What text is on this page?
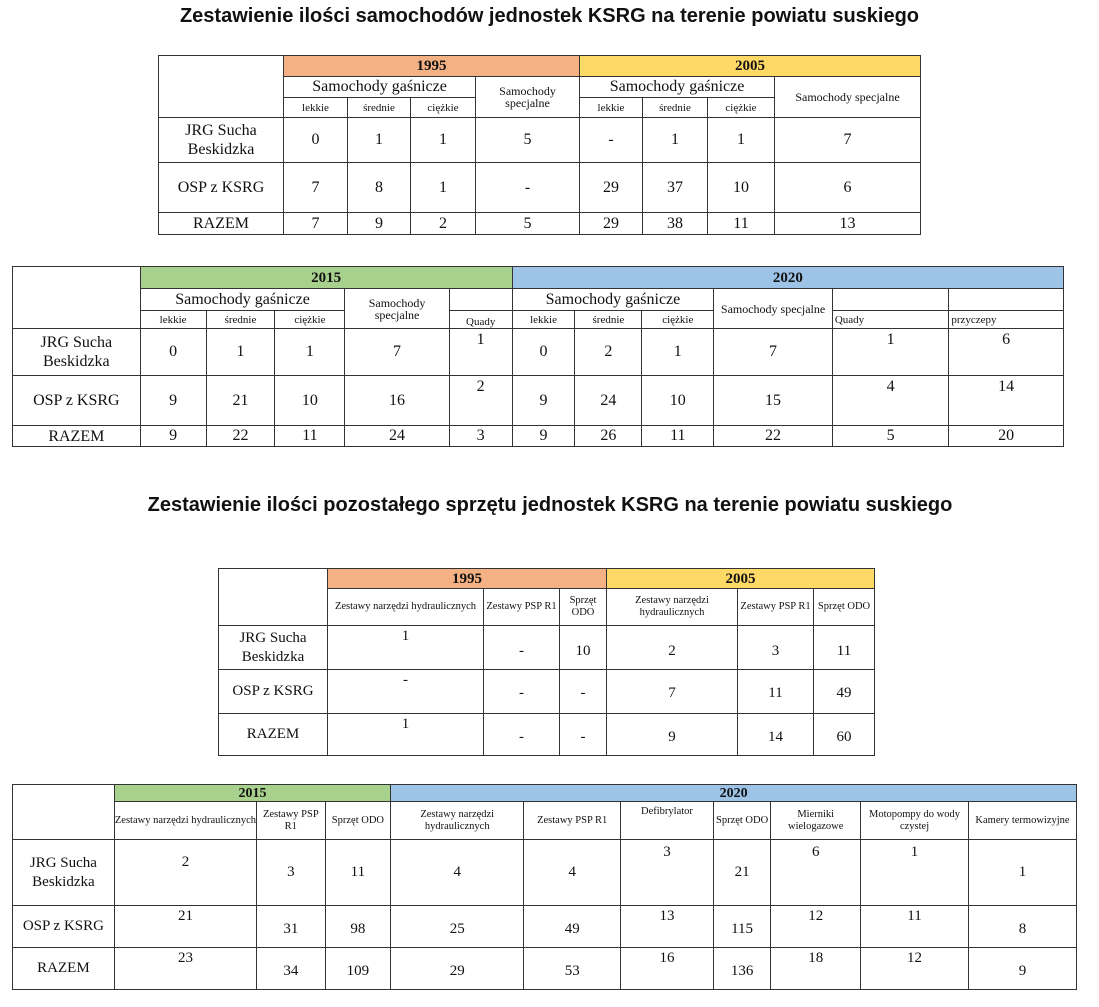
Zestawienie ilości samochodów jednostek KSRG na terenie powiatu suskiego
	1995				2005			
	Samochody gaśnicze			Samochody specjalne	Samochody gaśnicze			Samochody specjalne
	lekkie	średnie	ciężkie		lekkie	średnie	ciężkie	
JRG Sucha Beskidzka	0	1	1	5	-	1	1	7
OSP z KSRG	7	8	1	-	29	37	10	6
RAZEM	7	9	2	5	29	38	11	13
	2015					2020					
	Samochody gaśnicze			Samochody specjalne		Samochody gaśnicze			Samochody specjalne		
	lekkie	średnie	ciężkie		Quady	lekkie	średnie	ciężkie		Quady	przyczepy
JRG Sucha Beskidzka	0	1	1	7	1	0	2	1	7	1	6
OSP z KSRG	9	21	10	16	2	9	24	10	15	4	14
RAZEM	9	22	11	24	3	9	26	11	22	5	20
Zestawienie ilości pozostałego sprzętu jednostek KSRG na terenie powiatu suskiego
	1995			2005		
	Zestawy narzędzi hydraulicznych	Zestawy PSP R1	Sprzęt ODO	Zestawy narzędzi hydraulicznych	Zestawy PSP R1	Sprzęt ODO
JRG Sucha Beskidzka	1	-	10	2	3	11
OSP z KSRG	-	-	-	7	11	49
RAZEM	1	-	-	9	14	60
	2015			2020						
	Zestawy narzędzi hydraulicznych	Zestawy PSP R1	Sprzęt ODO	Zestawy narzędzi hydraulicznych	Zestawy PSP R1	Defibrylator	Sprzęt ODO	Mierniki wielogazowe	Motopompy do wody czystej	Kamery termowizyjne
JRG Sucha Beskidzka	2	3	11	4	4	3	21	6	1	1
OSP z KSRG	21	31	98	25	49	13	115	12	11	8
RAZEM	23	34	109	29	53	16	136	18	12	9
